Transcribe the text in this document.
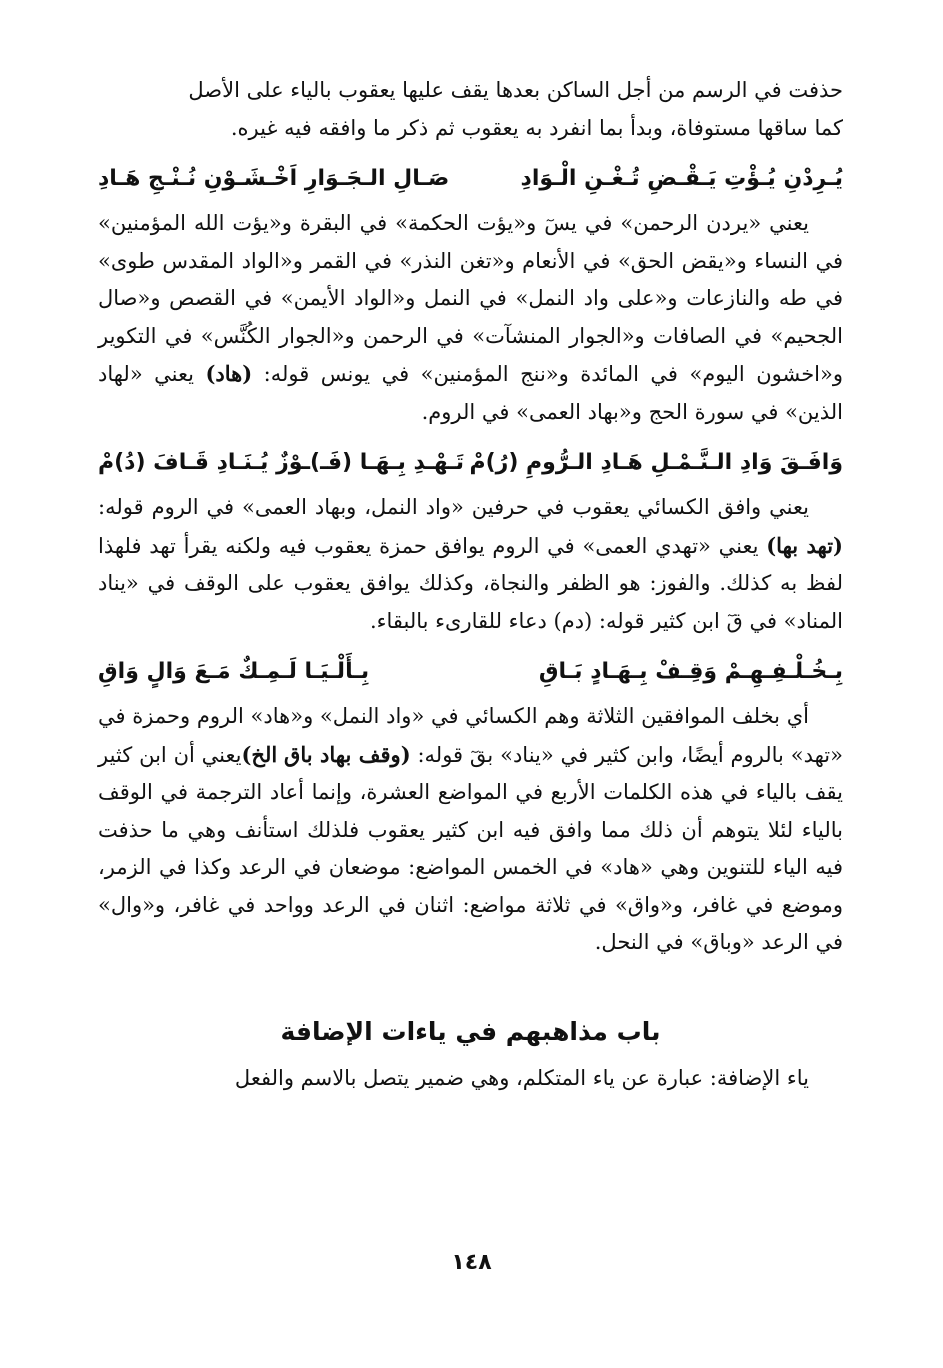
حذفت في الرسم من أجل الساكن بعدها يقف عليها يعقوب بالياء على الأصل
كما ساقها مستوفاة، وبدأ بما انفرد به يعقوب ثم ذكر ما وافقه فيه غيره.

يُـرِدْنِ يُـؤْتِ يَـقْـضِ تُـغْـنِ الْـوَادِ
صَـالِ الـجَـوَارِ اَخْـشَـوْنِ نُـنْـجِ هَـادِ

يعني «يردن الرحمن» في يسٓ و«يؤت الحكمة» في البقرة و«يؤت الله المؤمنين» في النساء و«يقض الحق» في الأنعام و«تغن النذر» في القمر و«الواد المقدس طوى» في طه والنازعات و«على واد النمل» في النمل و«الواد الأيمن» في القصص و«صال الجحيم» في الصافات و«الجوار المنشآت» في الرحمن و«الجوار الكُنَّس» في التكوير و«اخشون اليوم» في المائدة و«ننج المؤمنين» في يونس قوله: (هاد) يعني «لهاد الذين» في سورة الحج و«بهاد العمى» في الروم.

وَافَـقَ وَادِ الـنَّـمْـلِ هَـادِ الـرُّومِ (رُ)مْ
تَـهْـدِ بِـهَـا (فَـ)ـوْزٌ يُـنَـادِ قَـافَ (دُ)مْ

يعني وافق الكسائي يعقوب في حرفين «واد النمل، وبهاد العمى» في الروم قوله: (تهد بها) يعني «تهدي العمى» في الروم يوافق حمزة يعقوب فيه ولكنه يقرأ تهد فلهذا لفظ به كذلك. والفوز: هو الظفر والنجاة، وكذلك يوافق يعقوب على الوقف في «يناد المناد» في قٓ ابن كثير قوله: (دم) دعاء للقارىء بالبقاء.

بِـخُـلْـفِـهِـمْ وَقِـفْ بِـهَـادٍ بَـاقِ
بِـأَلْـيَـا لَـمِـكٌ مَـعَ وَالٍ وَاقِ

أي بخلف الموافقين الثلاثة وهم الكسائي في «واد النمل» و«هاد» الروم وحمزة في «تهد» بالروم أيضًا، وابن كثير في «يناد» بقٓ قوله: (وقف بهاد باق الخ)يعني أن ابن كثير يقف بالياء في هذه الكلمات الأربع في المواضع العشرة، وإنما أعاد الترجمة في الوقف بالياء لئلا يتوهم أن ذلك مما وافق فيه ابن كثير يعقوب فلذلك استأنف وهي ما حذفت فيه الياء للتنوين وهي «هاد» في الخمس المواضع: موضعان في الرعد وكذا في الزمر، وموضع في غافر، و«واق» في ثلاثة مواضع: اثنان في الرعد وواحد في غافر، و«وال» في الرعد «وباق» في النحل.

باب مذاهبهم في ياءات الإضافة

ياء الإضافة: عبارة عن ياء المتكلم، وهي ضمير يتصل بالاسم والفعل

١٤٨
